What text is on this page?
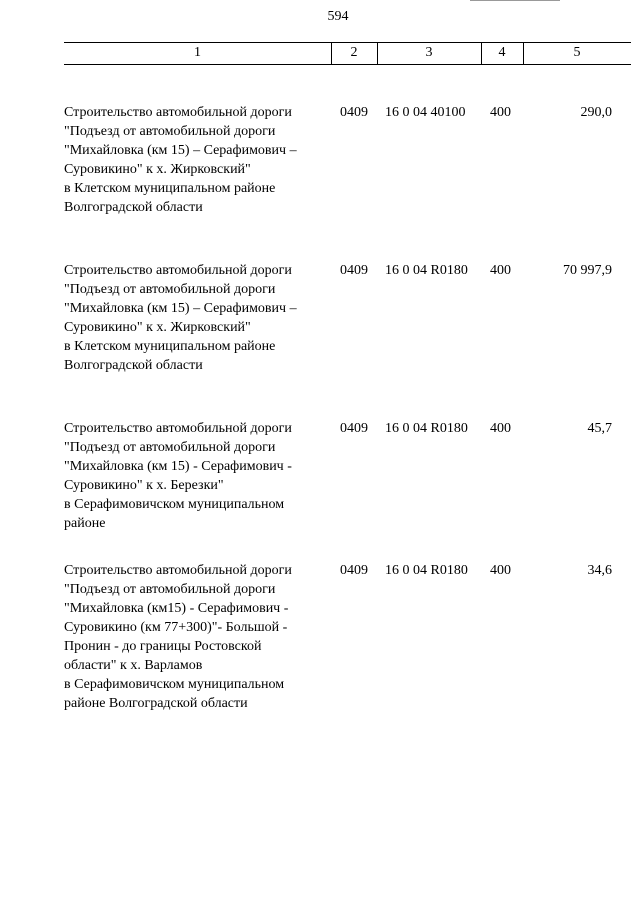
594
1	2	3	4	5
Строительство автомобильной дороги
"Подъезд от автомобильной дороги
"Михайловка (км 15) – Серафимович –
Суровикино" к х. Жирковский"
в Клетском муниципальном районе
Волгоградской области
0409	16 0 04 40100	400	290,0
Строительство автомобильной дороги
"Подъезд от автомобильной дороги
"Михайловка (км 15) – Серафимович –
Суровикино" к х. Жирковский"
в Клетском муниципальном районе
Волгоградской области
0409	16 0 04 R0180	400	70 997,9
Строительство автомобильной дороги
"Подъезд от автомобильной дороги
"Михайловка (км 15) - Серафимович -
Суровикино" к х. Березки"
в Серафимовичском муниципальном
районе
0409	16 0 04 R0180	400	45,7
Строительство автомобильной дороги
"Подъезд от автомобильной дороги
"Михайловка (км15) - Серафимович -
Суровикино (км 77+300)"- Большой -
Пронин - до границы Ростовской
области" к х. Варламов
в Серафимовичском муниципальном
районе Волгоградской области
0409	16 0 04 R0180	400	34,6
